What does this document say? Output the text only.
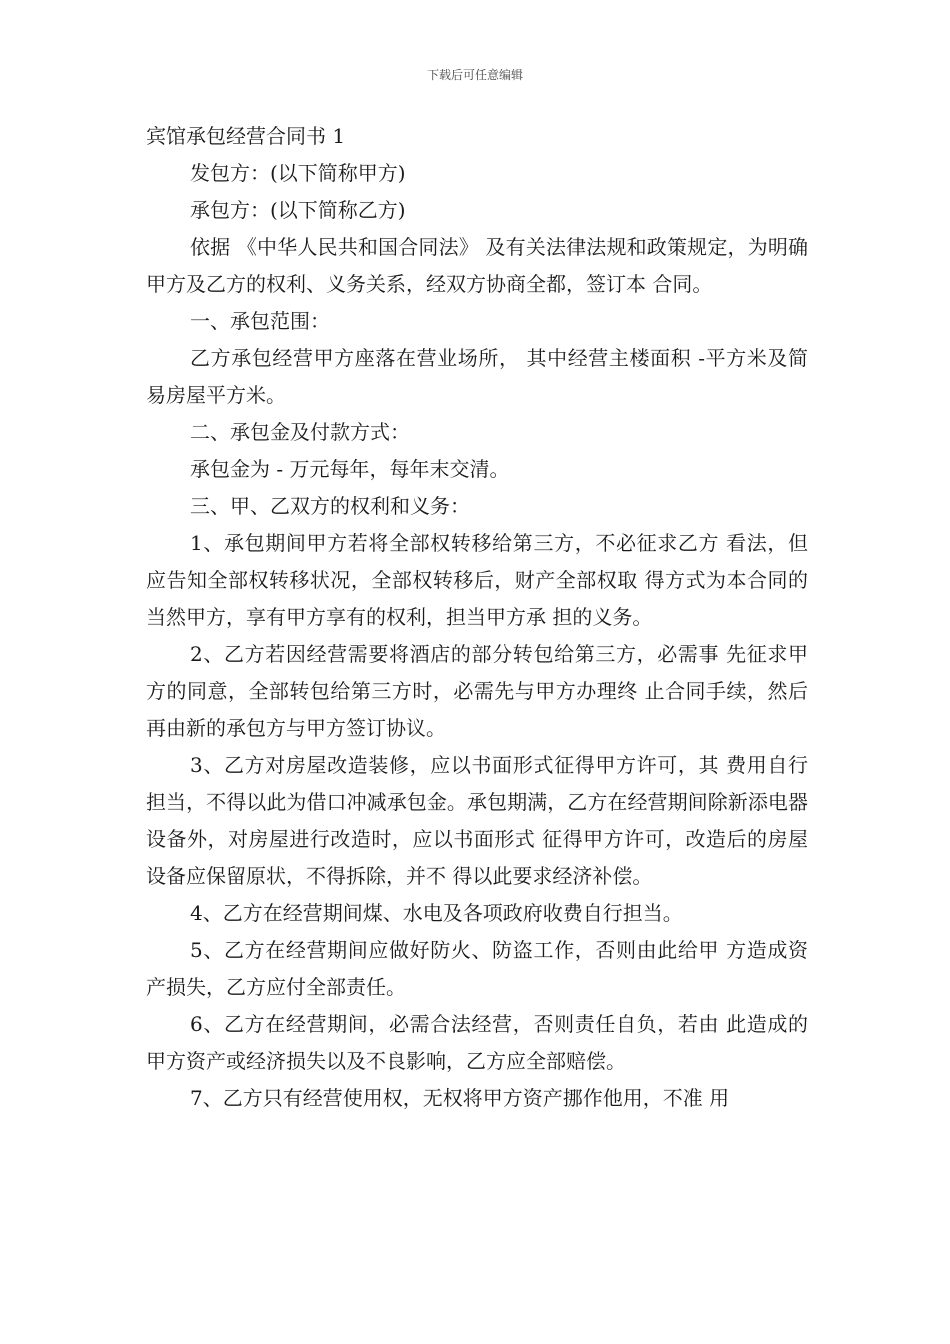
下载后可任意编辑

宾馆承包经营合同书 1

发包方：(以下简称甲方)

承包方：(以下简称乙方)

依据 《中华人民共和国合同法》 及有关法律法规和政策规定，为明确甲方及乙方的权利、义务关系，经双方协商全都，签订本 合同。

一、承包范围：

乙方承包经营甲方座落在营业场所， 其中经营主楼面积 -平方米及简易房屋平方米。

二、承包金及付款方式：

承包金为 - 万元每年，每年末交清。

三、甲、乙双方的权利和义务：

1、承包期间甲方若将全部权转移给第三方，不必征求乙方 看法，但应告知全部权转移状况，全部权转移后，财产全部权取 得方式为本合同的当然甲方，享有甲方享有的权利，担当甲方承 担的义务。

2、乙方若因经营需要将酒店的部分转包给第三方，必需事 先征求甲方的同意，全部转包给第三方时，必需先与甲方办理终 止合同手续，然后再由新的承包方与甲方签订协议。

3、乙方对房屋改造装修，应以书面形式征得甲方许可，其 费用自行担当，不得以此为借口冲减承包金。承包期满，乙方在经营期间除新添电器设备外，对房屋进行改造时，应以书面形式 征得甲方许可，改造后的房屋设备应保留原状，不得拆除，并不 得以此要求经济补偿。

4、乙方在经营期间煤、水电及各项政府收费自行担当。

5、乙方在经营期间应做好防火、防盗工作，否则由此给甲 方造成资产损失，乙方应付全部责任。

6、乙方在经营期间，必需合法经营，否则责任自负，若由 此造成的甲方资产或经济损失以及不良影响，乙方应全部赔偿。

7、乙方只有经营使用权，无权将甲方资产挪作他用，不准 用
